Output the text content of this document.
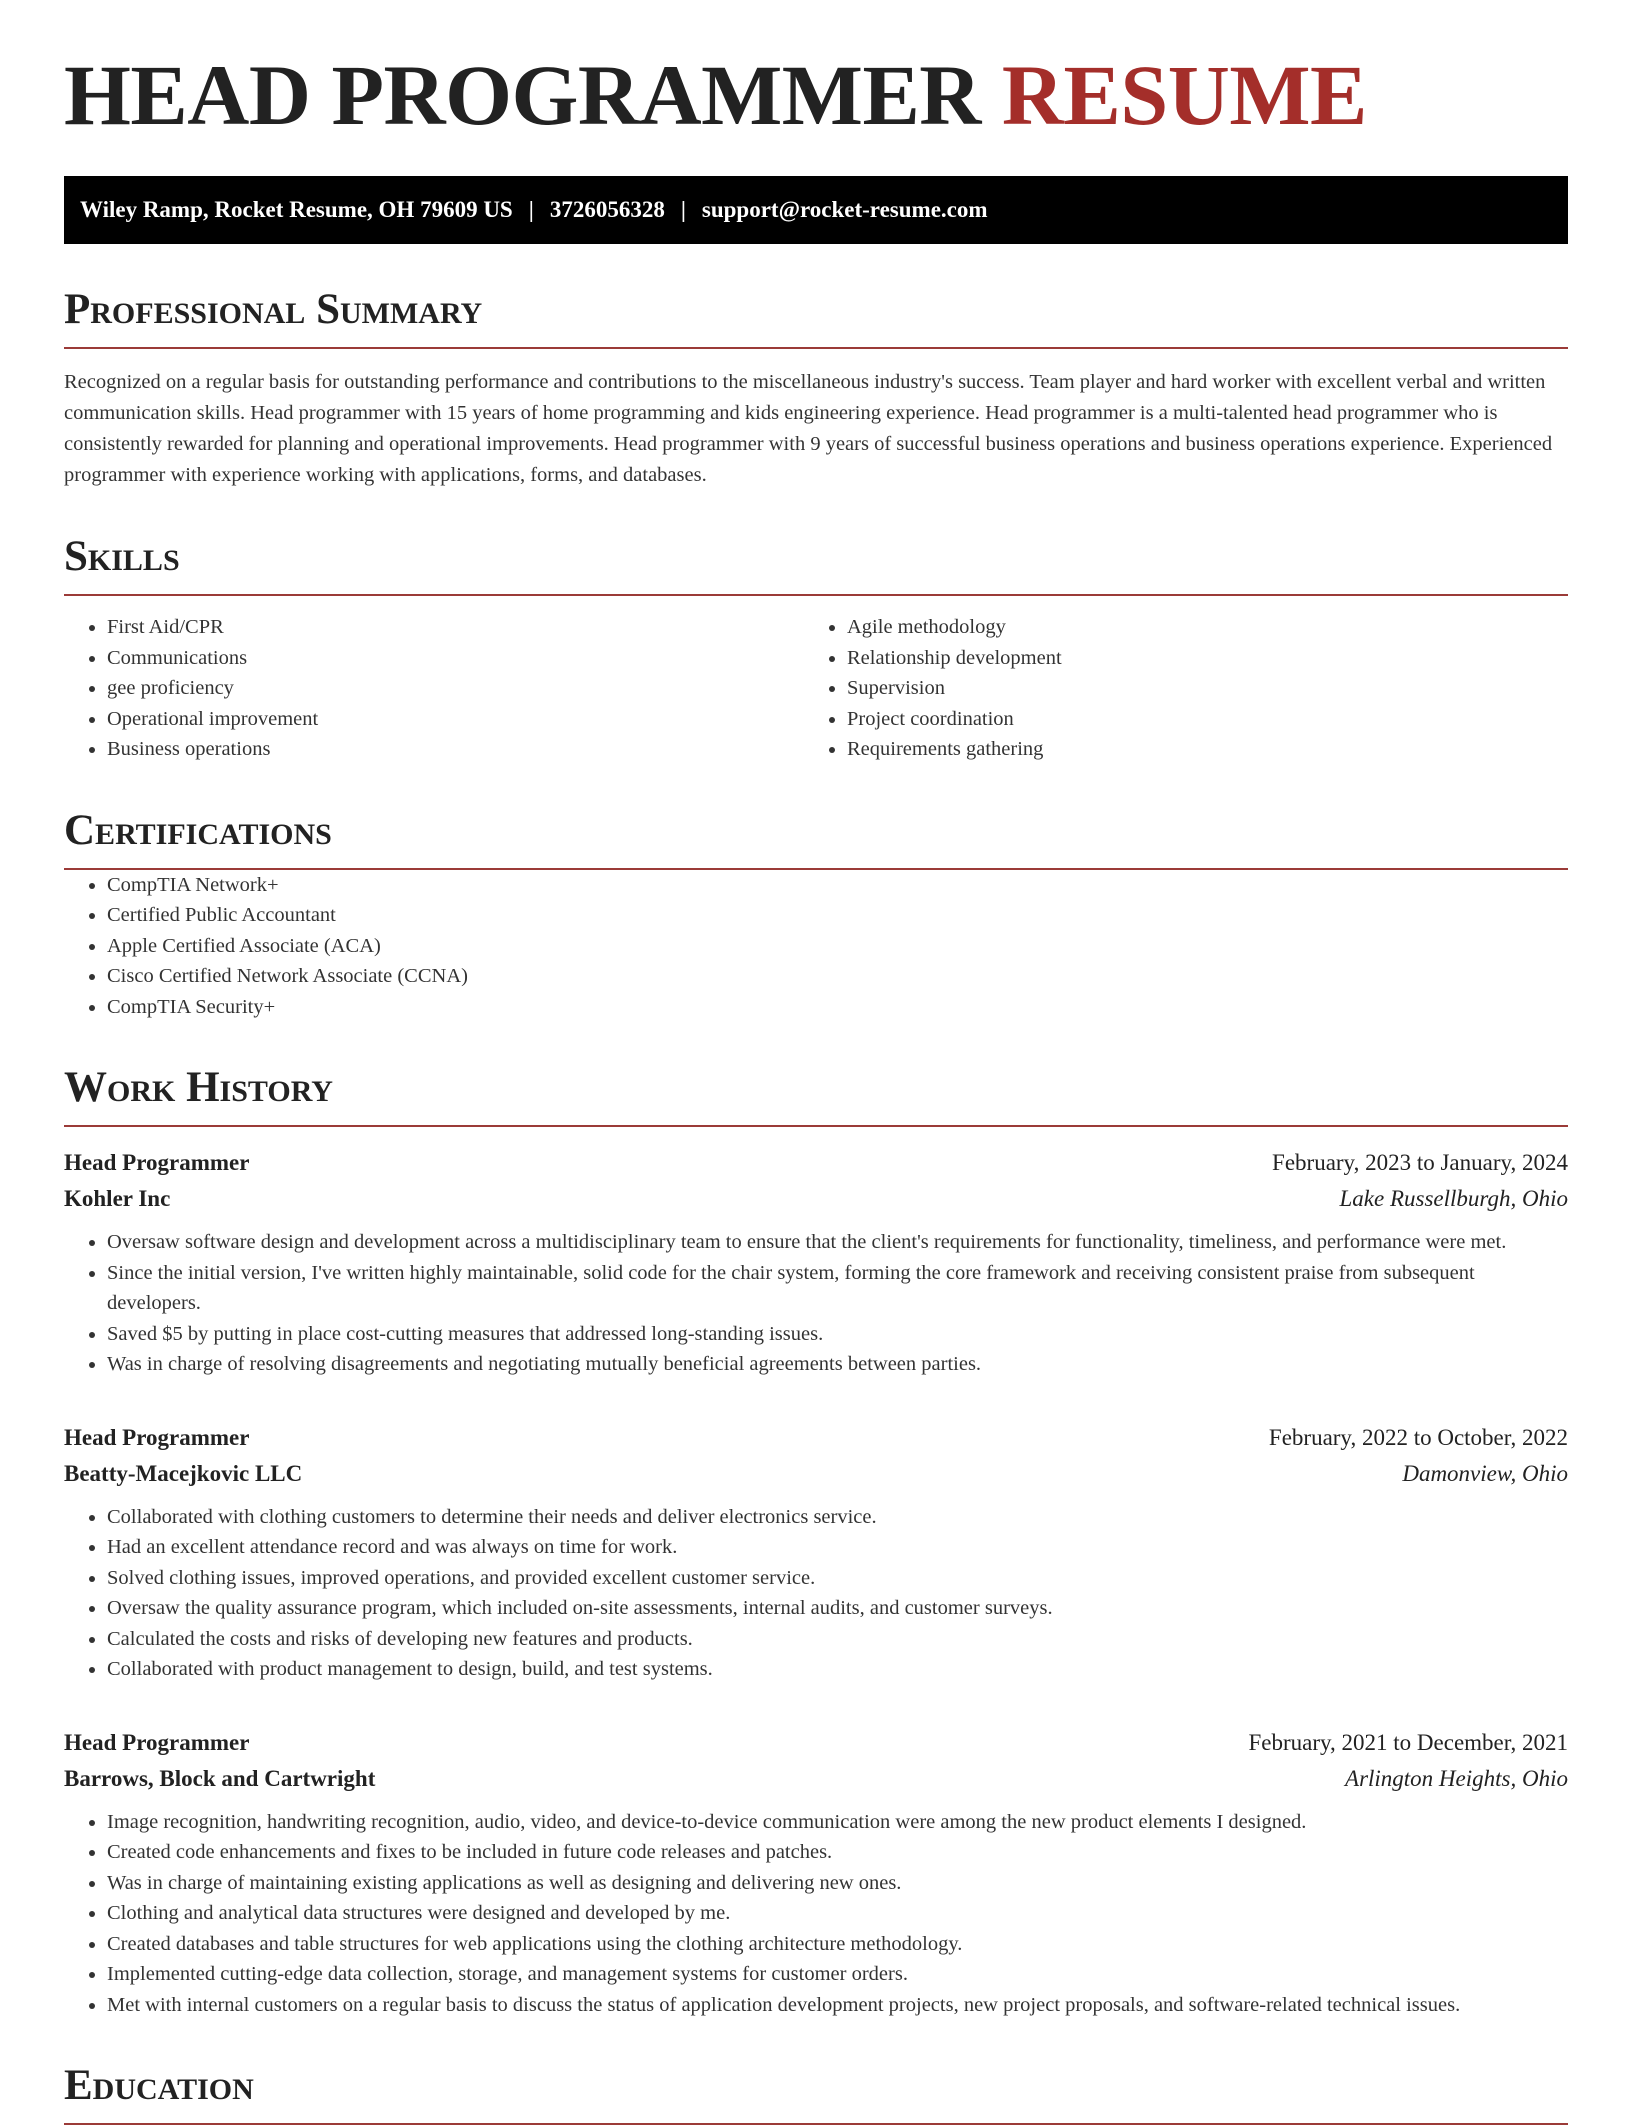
HEAD PROGRAMMER RESUME
Wiley Ramp, Rocket Resume, OH 79609 US | 3726056328 | support@rocket-resume.com
Professional Summary

Recognized on a regular basis for outstanding performance and contributions to the miscellaneous industry's success. Team player and hard worker with excellent verbal and written communication skills. Head programmer with 15 years of home programming and kids engineering experience. Head programmer is a multi-talented head programmer who is consistently rewarded for planning and operational improvements. Head programmer with 9 years of successful business operations and business operations experience. Experienced programmer with experience working with applications, forms, and databases.

Skills
• First Aid/CPR
• Communications
• gee proficiency
• Operational improvement
• Business operations
• Agile methodology
• Relationship development
• Supervision
• Project coordination
• Requirements gathering
Certifications
• CompTIA Network+
• Certified Public Accountant
• Apple Certified Associate (ACA)
• Cisco Certified Network Associate (CCNA)
• CompTIA Security+
Work History
Head Programmer	February, 2023 to January, 2024
Kohler Inc	Lake Russellburgh, Ohio
• Oversaw software design and development across a multidisciplinary team to ensure that the client's requirements for functionality, timeliness, and performance were met.
• Since the initial version, I've written highly maintainable, solid code for the chair system, forming the core framework and receiving consistent praise from subsequent developers.
• Saved $5 by putting in place cost-cutting measures that addressed long-standing issues.
• Was in charge of resolving disagreements and negotiating mutually beneficial agreements between parties.
Head Programmer	February, 2022 to October, 2022
Beatty-Macejkovic LLC	Damonview, Ohio
• Collaborated with clothing customers to determine their needs and deliver electronics service.
• Had an excellent attendance record and was always on time for work.
• Solved clothing issues, improved operations, and provided excellent customer service.
• Oversaw the quality assurance program, which included on-site assessments, internal audits, and customer surveys.
• Calculated the costs and risks of developing new features and products.
• Collaborated with product management to design, build, and test systems.
Head Programmer	February, 2021 to December, 2021
Barrows, Block and Cartwright	Arlington Heights, Ohio
• Image recognition, handwriting recognition, audio, video, and device-to-device communication were among the new product elements I designed.
• Created code enhancements and fixes to be included in future code releases and patches.
• Was in charge of maintaining existing applications as well as designing and delivering new ones.
• Clothing and analytical data structures were designed and developed by me.
• Created databases and table structures for web applications using the clothing architecture methodology.
• Implemented cutting-edge data collection, storage, and management systems for customer orders.
• Met with internal customers on a regular basis to discuss the status of application development projects, new project proposals, and software-related technical issues.
Education
